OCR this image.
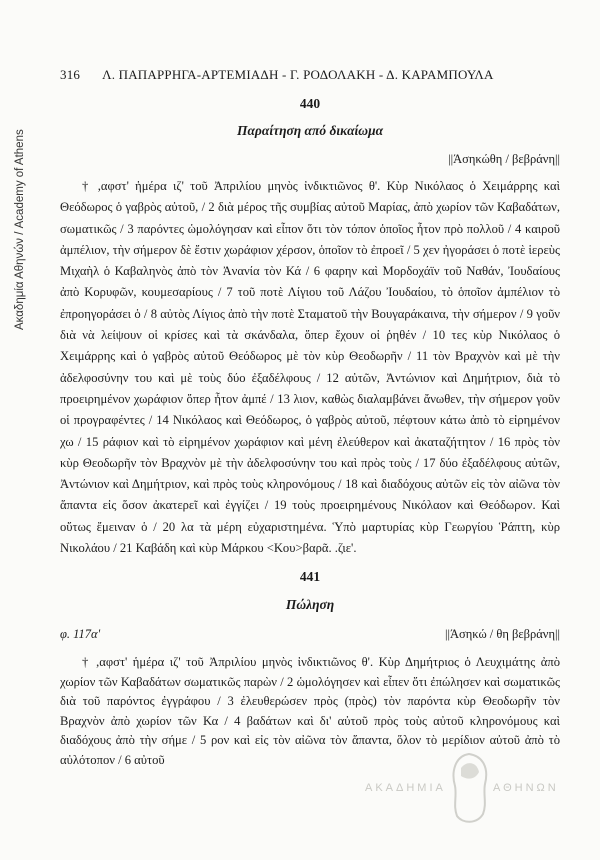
Ακαδημία Αθηνών / Academy of Athens
316 Λ. ΠΑΠΑΡΡΗΓΑ-ΑΡΤΕΜΙΑΔΗ - Γ. ΡΟΔΟΛΑΚΗ - Δ. ΚΑΡΑΜΠΟΥΛΑ
440
Παραίτηση από δικαίωμα
||Άσηκώθη / βεβράνη||
† ,αφστ' ἡμέρα ιζ' τοῦ Ἀπριλίου μηνὸς ἰνδικτιῶνος θ'. Κὺρ Νικόλαος ὁ Χειμάρρης καὶ Θεόδωρος ὁ γαβρὸς αὐτοῦ, / 2 διὰ μέρος τῆς συμβίας αὐτοῦ Μαρίας, ἀπὸ χωρίον τῶν Καβαδάτων, σωματικῶς / 3 παρόντες ὡμολόγησαν καὶ εἶπον ὅτι τὸν τόπον ὁποῖος ἦτον πρὸ πολλοῦ / 4 καιροῦ ἀμπέλιον, τὴν σήμερον δὲ ἔστιν χωράφιον χέρσον, ὁποῖον τὸ ἐπροεῖ / 5 χεν ἠγοράσει ὁ ποτὲ ἱερεὺς Μιχαὴλ ὁ Καβαληνὸς ἀπὸ τὸν Ἀνανία τὸν Κά / 6 φαρην καὶ Μορδοχάϊν τοῦ Ναθάν, Ἰουδαίους ἀπὸ Κορυφῶν, κουμεσαρίους / 7 τοῦ ποτὲ Λίγιου τοῦ Λάζου Ἰουδαίου, τὸ ὁποῖον ἀμπέλιον τὸ ἐπροηγοράσει ὁ / 8 αὐτὸς Λίγιος ἀπὸ τὴν ποτὲ Σταματοῦ τὴν Βουγαράκαινα, τὴν σήμερον / 9 γοῦν διὰ νὰ λείψουν οἱ κρίσες καὶ τὰ σκάνδαλα, ὅπερ ἔχουν οἱ ῥηθέν / 10 τες κὺρ Νικόλαος ὁ Χειμάρρης καὶ ὁ γαβρὸς αὐτοῦ Θεόδωρος μὲ τὸν κὺρ Θεοδωρῆν / 11 τὸν Βραχνὸν καὶ μὲ τὴν ἀδελφοσύνην του καὶ μὲ τοὺς δύο ἐξαδέλφους / 12 αὐτῶν, Ἀντώνιον καὶ Δημήτριον, διὰ τὸ προειρημένον χωράφιον ὅπερ ἦτον ἀμπέ / 13 λιον, καθὼς διαλαμβάνει ἄνωθεν, τὴν σήμερον γοῦν οἱ προγραφέντες / 14 Νικόλαος καὶ Θεόδωρος, ὁ γαβρὸς αὐτοῦ, πέφτουν κάτω ἀπὸ τὸ εἰρημένον χω / 15 ράφιον καὶ τὸ εἰρημένον χωράφιον καὶ μένη ἐλεύθερον καὶ ἀκαταζήτητον / 16 πρὸς τὸν κὺρ Θεοδωρῆν τὸν Βραχνὸν μὲ τὴν ἀδελφοσύνην του καὶ πρὸς τοὺς / 17 δύο ἐξαδέλφους αὐτῶν, Ἀντώνιον καὶ Δημήτριον, καὶ πρὸς τοὺς κληρονόμους / 18 καὶ διαδόχους αὐτῶν εἰς τὸν αἰῶνα τὸν ἅπαντα εἰς ὅσον ἀκατερεῖ καὶ ἐγγίζει / 19 τοὺς προειρημένους Νικόλαον καὶ Θεόδωρον. Καὶ οὕτως ἔμειναν ὁ / 20 λα τὰ μέρη εὐχαριστημένα. Ὑπὸ μαρτυρίας κὺρ Γεωργίου Ῥάπτη, κὺρ Νικολάου / 21 Καβάδη καὶ κὺρ Μάρκου <Κου>βαρᾶ. .ζιε'.
441
Πώληση
φ. 117α'	||Άσηκώ / θη βεβράνη||
† ,αφστ' ἡμέρα ιζ' τοῦ Ἀπριλίου μηνὸς ἰνδικτιῶνος θ'. Κὺρ Δημήτριος ὁ Λευχιμάτης ἀπὸ χωρίον τῶν Καβαδάτων σωματικῶς παρὼν / 2 ὡμολόγησεν καὶ εἶπεν ὅτι ἐπώλησεν καὶ σωματικῶς διὰ τοῦ παρόντος ἐγγράφου / 3 ἐλευθερώσεν πρὸς (πρὸς) τὸν παρόντα κὺρ Θεοδωρῆν τὸν Βραχνὸν ἀπὸ χωρίον τῶν Κα / 4 βαδάτων καὶ δι' αὐτοῦ πρὸς τοὺς αὐτοῦ κληρονόμους καὶ διαδόχους ἀπὸ τὴν σήμε / 5 ρον καὶ εἰς τὸν αἰῶνα τὸν ἅπαντα, ὅλον τὸ μερίδιον αὐτοῦ ἀπὸ τὸ αὐλότοπον / 6 αὐτοῦ
ΑΚΑΔΗΜΙΑ	ΑΘΗΝΩΝ
